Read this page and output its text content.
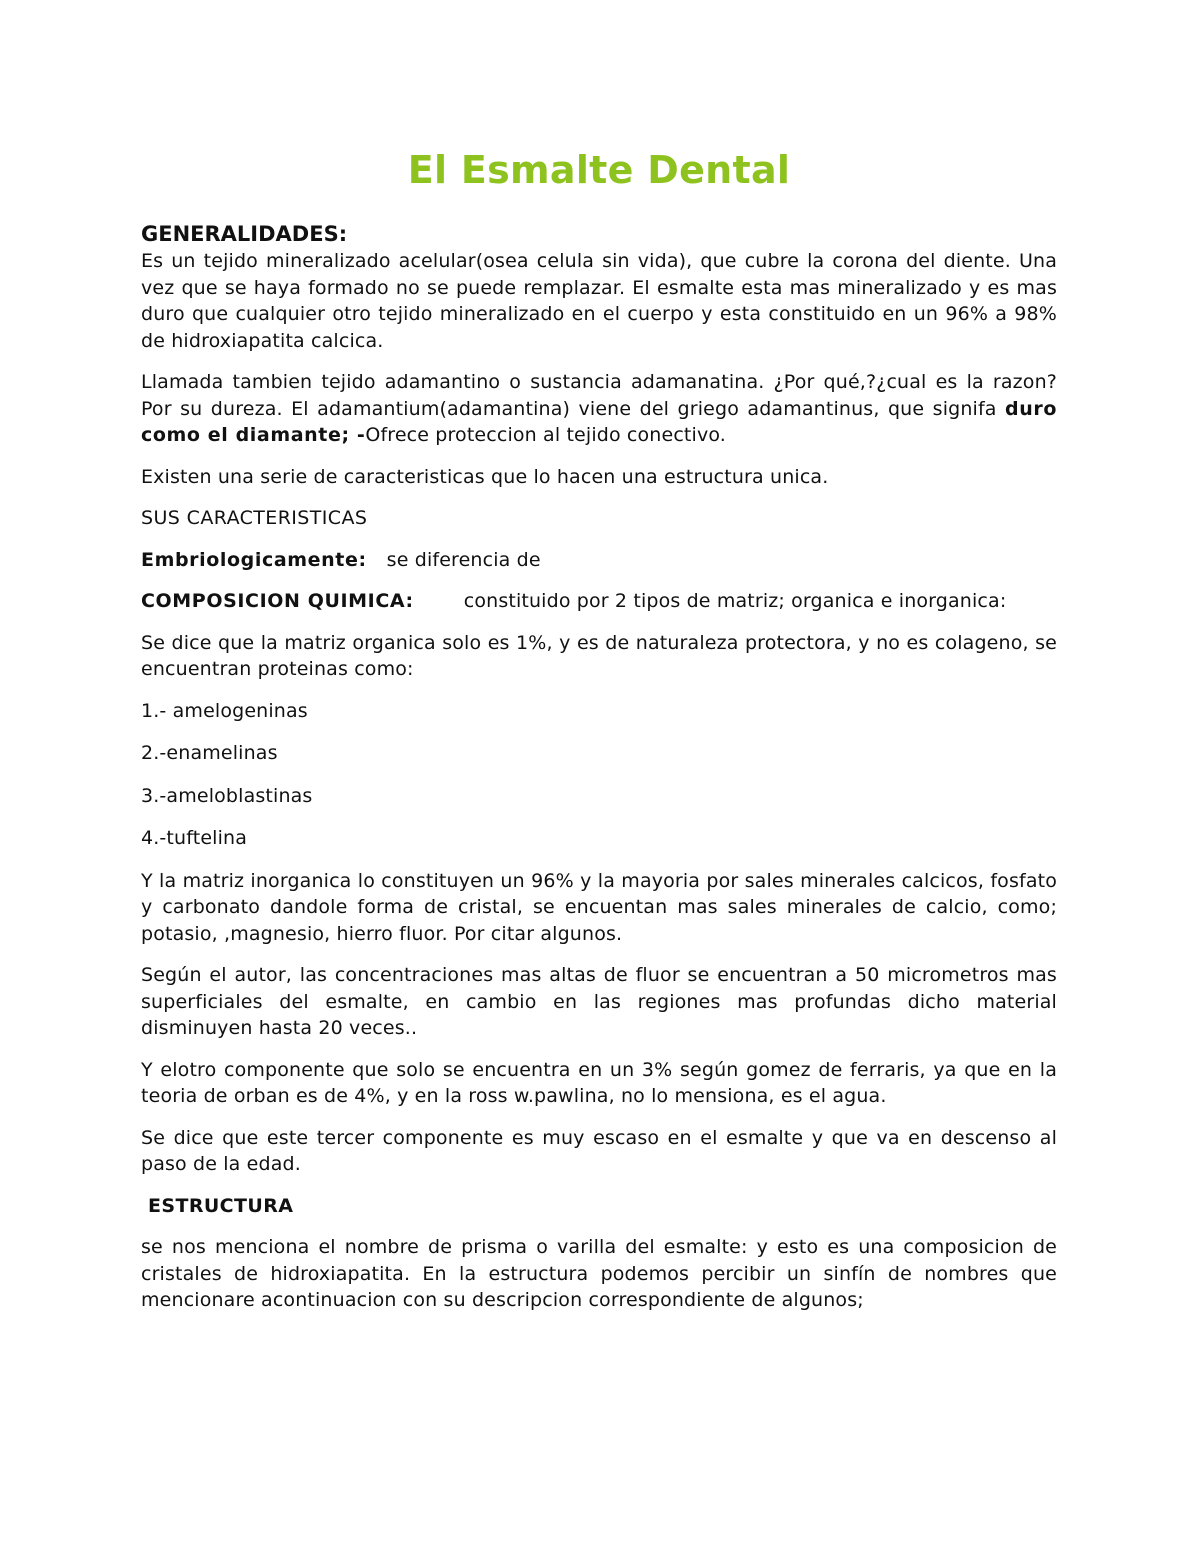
El Esmalte Dental
GENERALIDADES:

Es un tejido mineralizado acelular(osea celula sin vida), que cubre la corona del diente. Una vez que se haya formado no se puede remplazar. El esmalte esta mas mineralizado y es mas duro que cualquier otro tejido mineralizado en el cuerpo y esta constituido en un 96% a 98% de hidroxiapatita calcica.

Llamada tambien tejido adamantino o sustancia adamanatina. ¿Por qué,?¿cual es la razon? Por su dureza. El adamantium(adamantina) viene del griego adamantinus, que signifa duro como el diamante; -Ofrece proteccion al tejido conectivo.

Existen una serie de caracteristicas que lo hacen una estructura unica.

SUS CARACTERISTICAS

Embriologicamente: se diferencia de

COMPOSICION QUIMICA:	constituido por 2 tipos de matriz; organica e inorganica:

Se dice que la matriz organica solo es 1%, y es de naturaleza protectora, y no es colageno, se encuentran proteinas como:

1.- amelogeninas
2.-enamelinas
3.-ameloblastinas
4.-tuftelina

Y la matriz inorganica lo constituyen un 96% y la mayoria por sales minerales calcicos, fosfato y carbonato dandole forma de cristal, se encuentan mas sales minerales de calcio, como; potasio, ,magnesio, hierro fluor. Por citar algunos.

Según el autor, las concentraciones mas altas de fluor se encuentran a 50 micrometros mas superficiales del esmalte, en cambio en las regiones mas profundas dicho material disminuyen hasta 20 veces..

Y elotro componente que solo se encuentra en un 3% según gomez de ferraris, ya que en la teoria de orban es de 4%, y en la ross w.pawlina, no lo mensiona, es el agua.

Se dice que este tercer componente es muy escaso en el esmalte y que va en descenso al paso de la edad.

ESTRUCTURA

se nos menciona el nombre de prisma o varilla del esmalte: y esto es una composicion de cristales de hidroxiapatita. En la estructura podemos percibir un sinfín de nombres que mencionare acontinuacion con su descripcion correspondiente de algunos;
